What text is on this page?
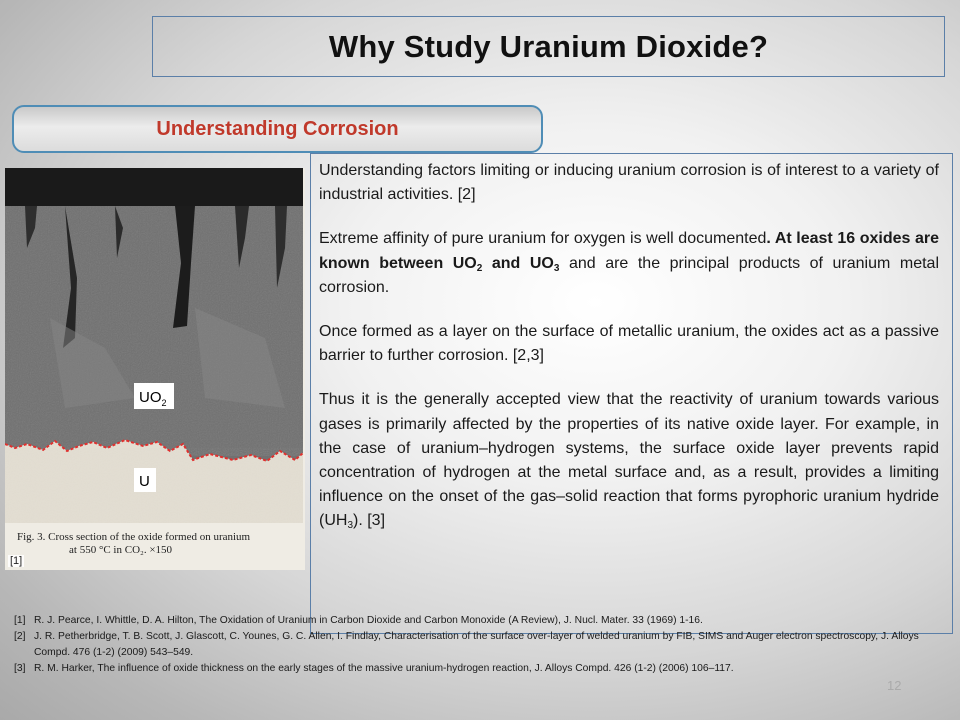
Why Study Uranium Dioxide?
Understanding Corrosion
$UO_2$
U
Fig. 3. Cross section of the oxide formed on uranium
at 550 °C in CO₂. ×150
[1]

Understanding factors limiting or inducing uranium corrosion is of interest to a variety of industrial activities. [2]

Extreme affinity of pure uranium for oxygen is well documented. At least 16 oxides are known between $UO_2$ and $UO_3$ and are the principal products of uranium metal corrosion.

Once formed as a layer on the surface of metallic uranium, the oxides act as a passive barrier to further corrosion. [2,3]

Thus it is the generally accepted view that the reactivity of uranium towards various gases is primarily affected by the properties of its native oxide layer. For example, in the case of uranium–hydrogen systems, the surface oxide layer prevents rapid concentration of hydrogen at the metal surface and, as a result, provides a limiting influence on the onset of the gas–solid reaction that forms pyrophoric uranium hydride $(UH_3)$. [3]

[1] R. J. Pearce, I. Whittle, D. A. Hilton, The Oxidation of Uranium in Carbon Dioxide and Carbon Monoxide (A Review), J. Nucl. Mater. 33 (1969) 1-16.
[2] J. R. Petherbridge, T. B. Scott, J. Glascott, C. Younes, G. C. Allen, I. Findlay, Characterisation of the surface over-layer of welded uranium by FIB, SIMS and Auger electron spectroscopy, J. Alloys Compd. 476 (1-2) (2009) 543–549.
[3] R. M. Harker, The influence of oxide thickness on the early stages of the massive uranium-hydrogen reaction, J. Alloys Compd. 426 (1-2) (2006) 106–117.
12
